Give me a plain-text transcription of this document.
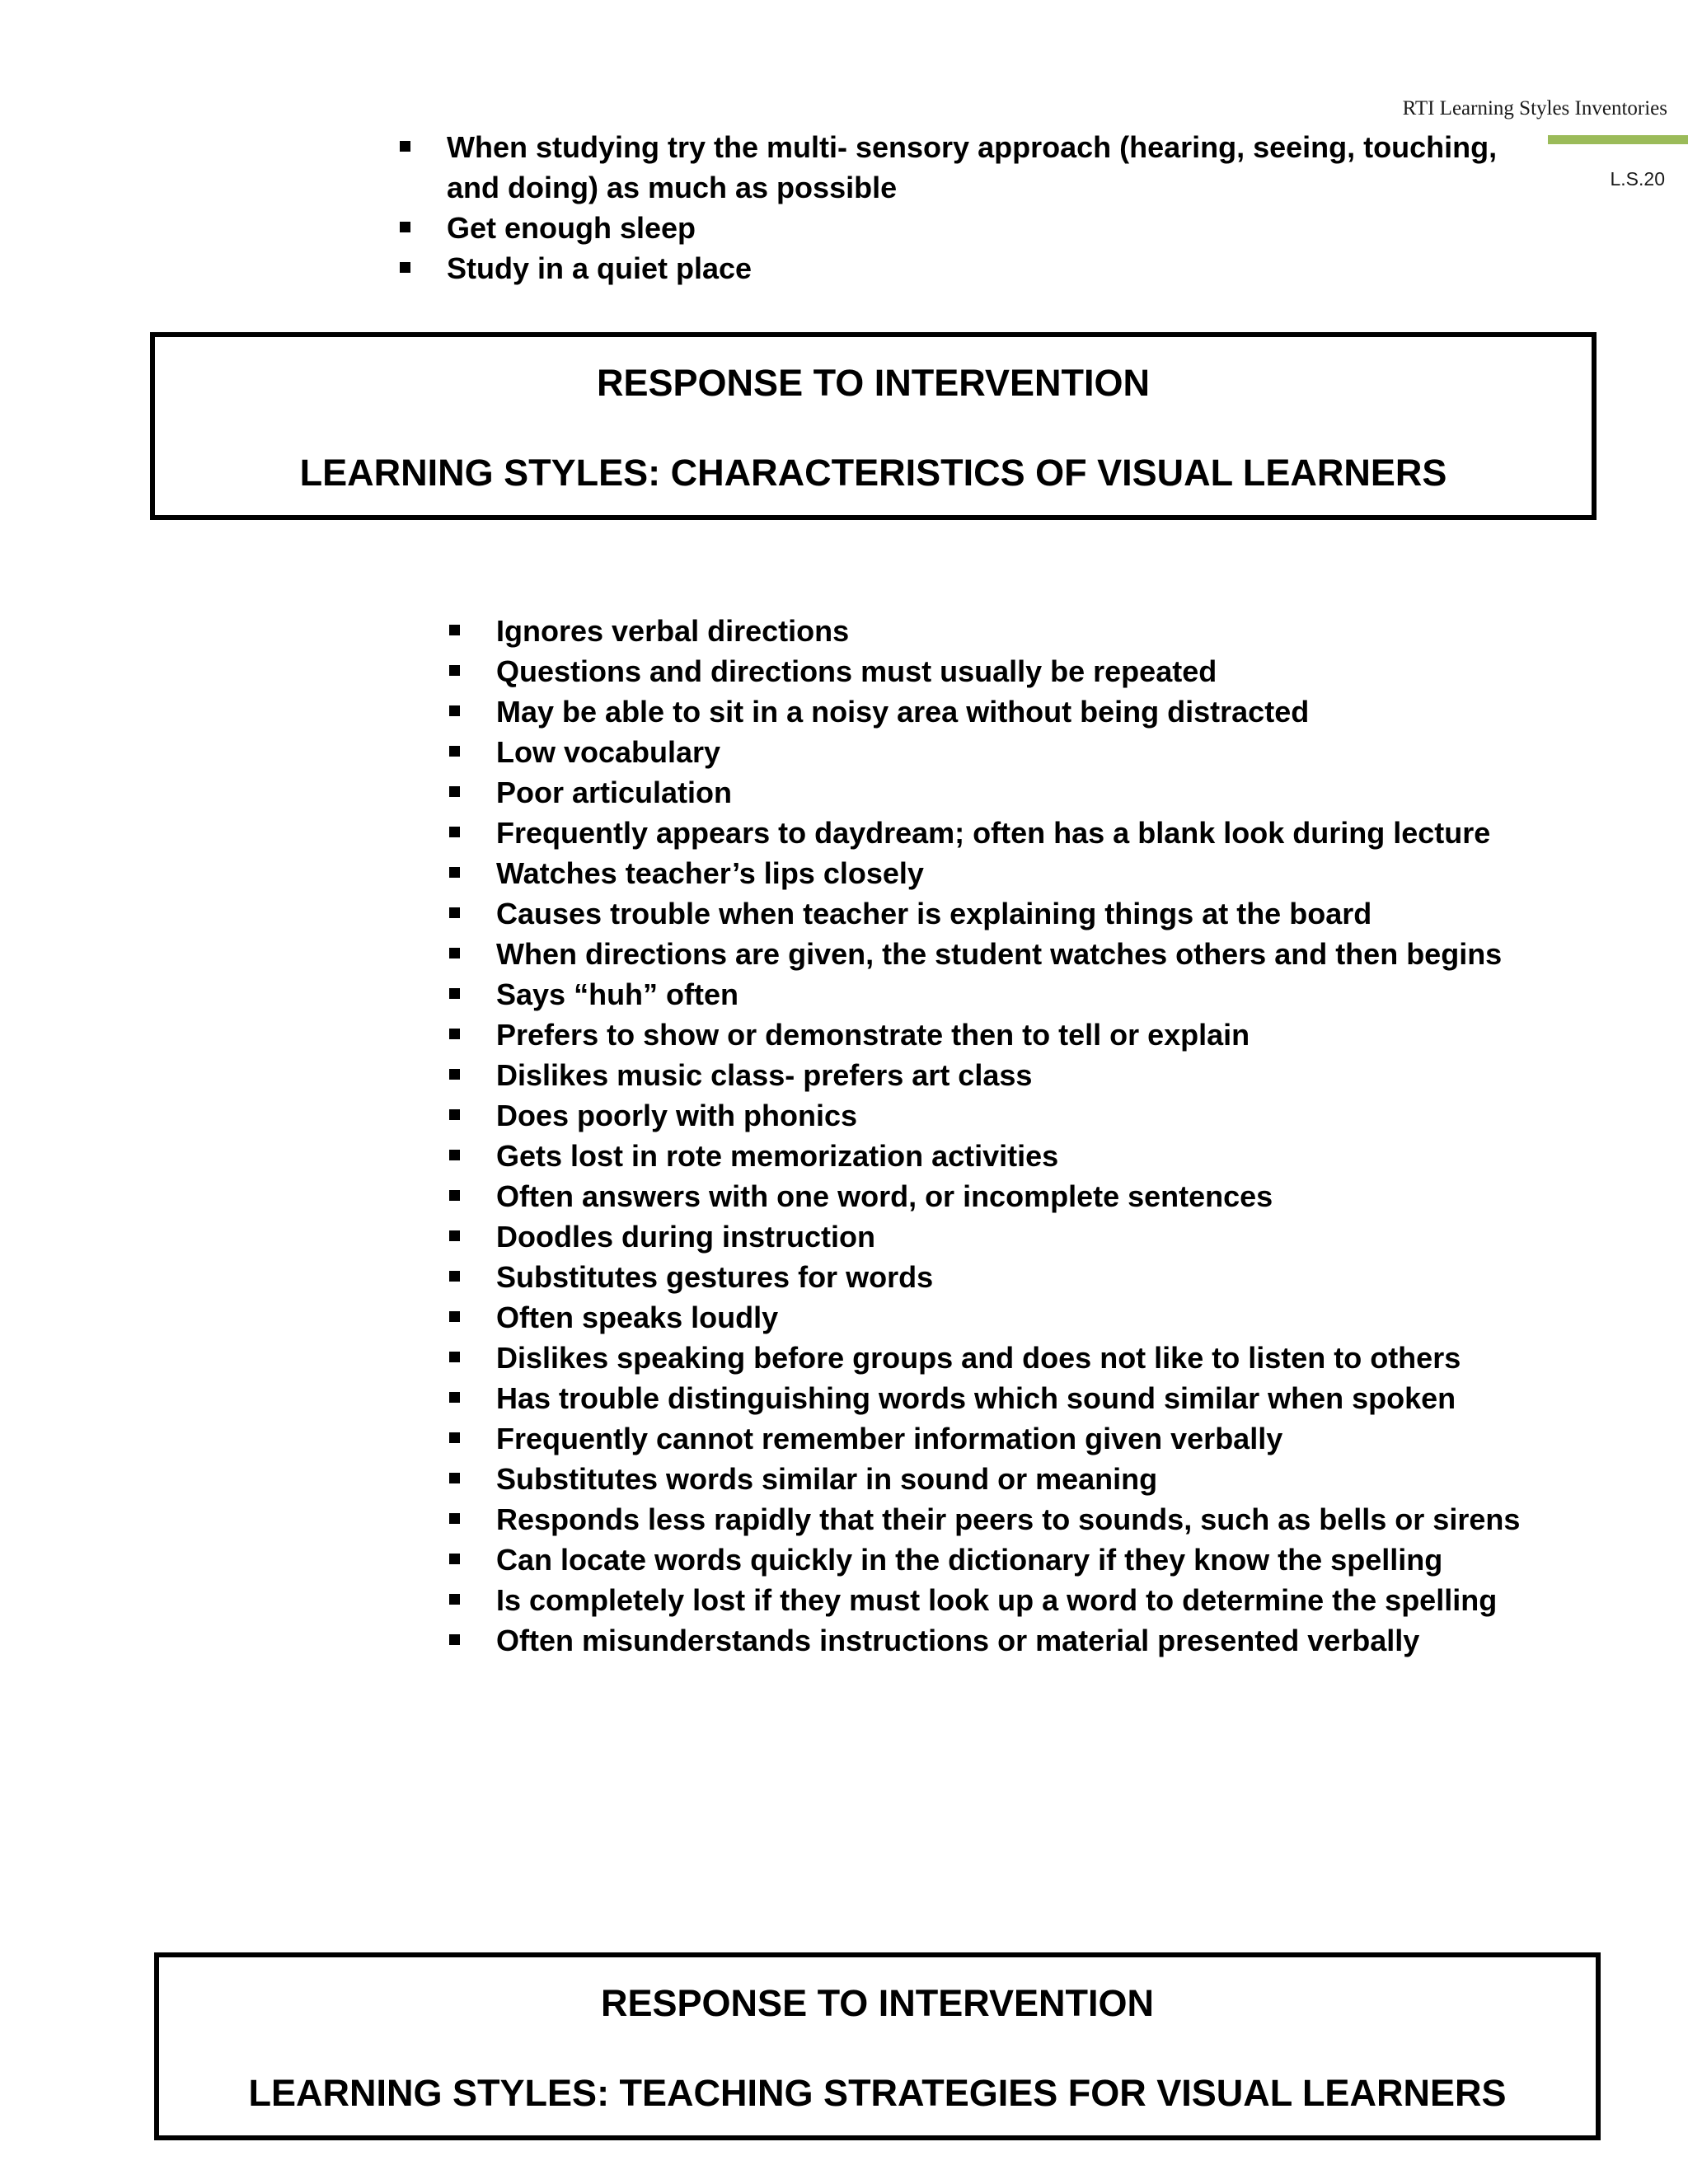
RTI Learning Styles Inventories
L.S.20
When studying try the multi- sensory approach (hearing, seeing, touching, and doing) as much as possible
Get enough sleep
Study in a quiet place
RESPONSE TO INTERVENTION
LEARNING STYLES: CHARACTERISTICS OF VISUAL LEARNERS
Ignores verbal directions
Questions and directions must usually be repeated
May be able to sit in a noisy area without being distracted
Low vocabulary
Poor articulation
Frequently appears to daydream; often has a blank look during lecture
Watches teacher’s lips closely
Causes trouble when teacher is explaining things at the board
When directions are given, the student watches others and then begins
Says “huh” often
Prefers to show or demonstrate then to tell or explain
Dislikes music class- prefers art class
Does poorly with phonics
Gets lost in rote memorization activities
Often answers with one word, or incomplete sentences
Doodles during instruction
Substitutes gestures for words
Often speaks loudly
Dislikes speaking before groups and does not like to listen to others
Has trouble distinguishing words which sound similar when spoken
Frequently cannot remember information given verbally
Substitutes words similar in sound or meaning
Responds less rapidly that their peers to sounds, such as bells or sirens
Can locate words quickly in the dictionary if they know the spelling
Is completely lost if they must look up a word to determine the spelling
Often misunderstands instructions or material presented verbally
RESPONSE TO INTERVENTION
LEARNING STYLES: TEACHING STRATEGIES FOR VISUAL LEARNERS
